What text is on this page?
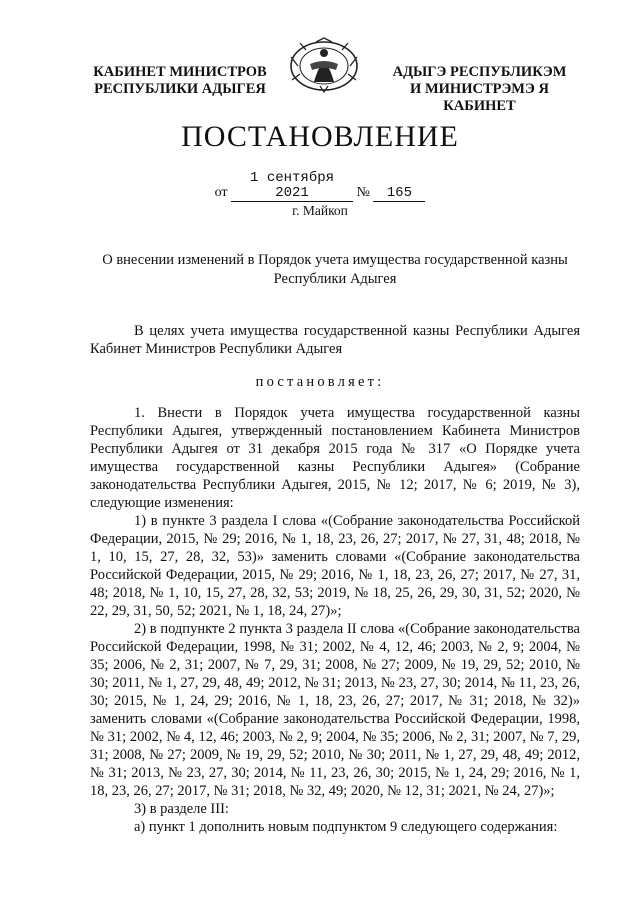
КАБИНЕТ МИНИСТРОВ
РЕСПУБЛИКИ АДЫГЕЯ
АДЫГЭ РЕСПУБЛИКЭМ
И МИНИСТРЭМЭ Я КАБИНЕТ
ПОСТАНОВЛЕНИЕ
от 1 сентября 2021	№ 165
г. Майкоп
О внесении изменений в Порядок учета имущества государственной казны
Республики Адыгея

В целях учета имущества государственной казны Республики Адыгея Кабинет Министров Республики Адыгея

постановляет:

1. Внести в Порядок учета имущества государственной казны Республики Адыгея, утвержденный постановлением Кабинета Министров Республики Адыгея от 31 декабря 2015 года № 317 «О Порядке учета имущества государственной казны Республики Адыгея» (Собрание законодательства Республики Адыгея, 2015, № 12; 2017, № 6; 2019, № 3), следующие изменения:

1) в пункте 3 раздела I слова «(Собрание законодательства Российской Федерации, 2015, № 29; 2016, № 1, 18, 23, 26, 27; 2017, № 27, 31, 48; 2018, № 1, 10, 15, 27, 28, 32, 53)» заменить словами «(Собрание законодательства Российской Федерации, 2015, № 29; 2016, № 1, 18, 23, 26, 27; 2017, № 27, 31, 48; 2018, № 1, 10, 15, 27, 28, 32, 53; 2019, № 18, 25, 26, 29, 30, 31, 52; 2020, № 22, 29, 31, 50, 52; 2021, № 1, 18, 24, 27)»;

2) в подпункте 2 пункта 3 раздела II слова «(Собрание законодательства Российской Федерации, 1998, № 31; 2002, № 4, 12, 46; 2003, № 2, 9; 2004, № 35; 2006, № 2, 31; 2007, № 7, 29, 31; 2008, № 27; 2009, № 19, 29, 52; 2010, № 30; 2011, № 1, 27, 29, 48, 49; 2012, № 31; 2013, № 23, 27, 30; 2014, № 11, 23, 26, 30; 2015, № 1, 24, 29; 2016, № 1, 18, 23, 26, 27; 2017, № 31; 2018, № 32)» заменить словами «(Собрание законодательства Российской Федерации, 1998, № 31; 2002, № 4, 12, 46; 2003, № 2, 9; 2004, № 35; 2006, № 2, 31; 2007, № 7, 29, 31; 2008, № 27; 2009, № 19, 29, 52; 2010, № 30; 2011, № 1, 27, 29, 48, 49; 2012, № 31; 2013, № 23, 27, 30; 2014, № 11, 23, 26, 30; 2015, № 1, 24, 29; 2016, № 1, 18, 23, 26, 27; 2017, № 31; 2018, № 32, 49; 2020, № 12, 31; 2021, № 24, 27)»;

3) в разделе III:

а) пункт 1 дополнить новым подпунктом 9 следующего содержания:
